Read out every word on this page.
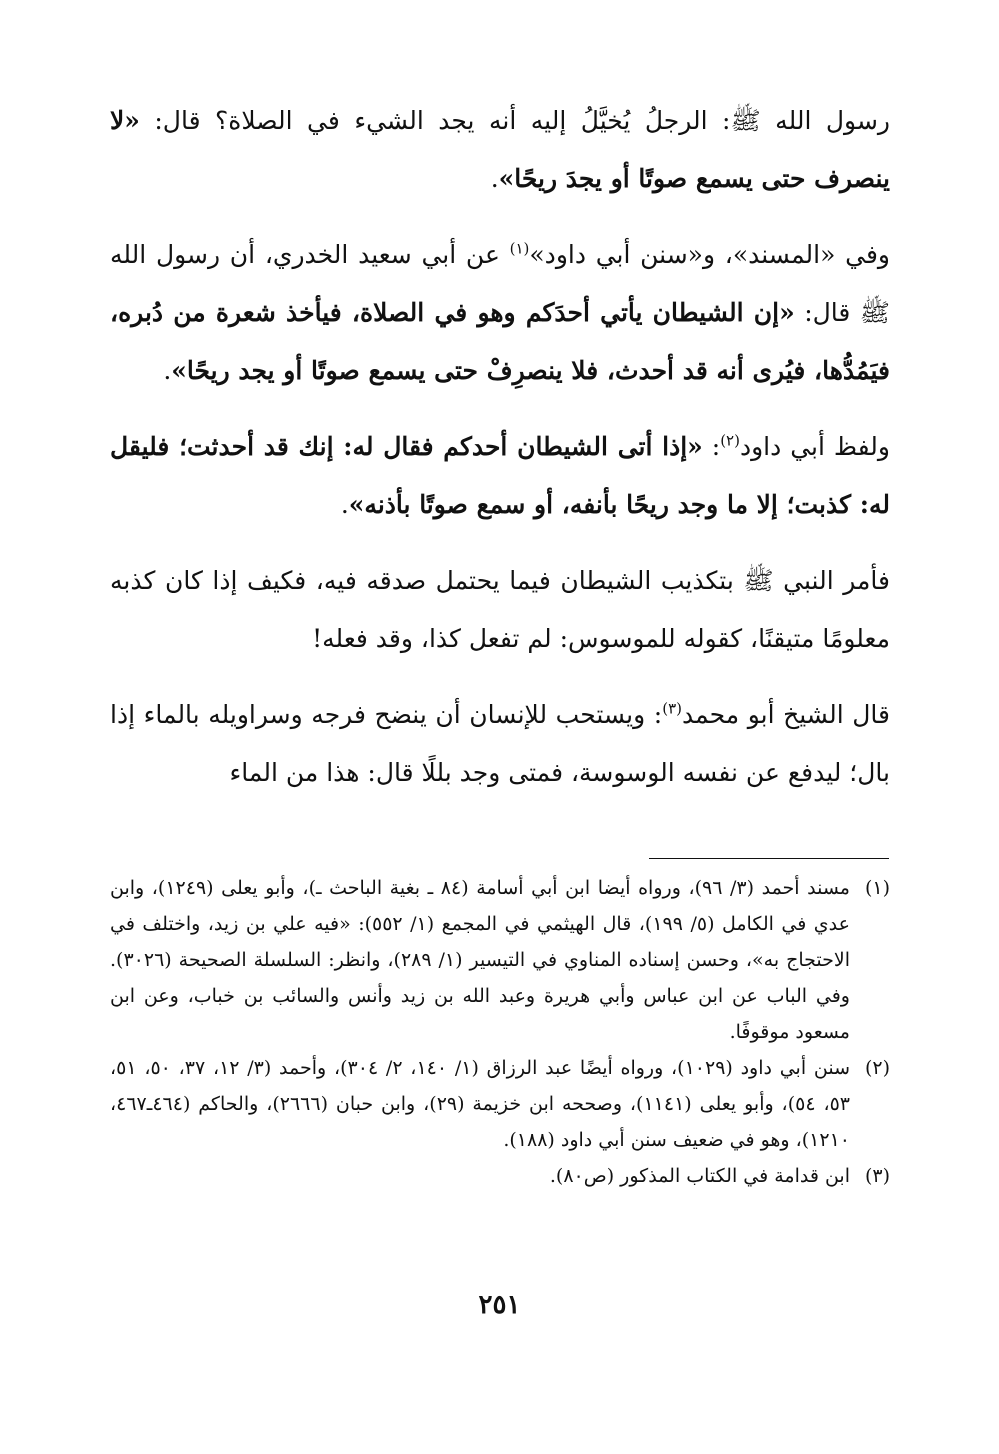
رسول الله ﷺ: الرجلُ يُخيَّلُ إليه أنه يجد الشيء في الصلاة؟ قال: «لا ينصرف حتى يسمع صوتًا أو يجدَ ريحًا».

وفي «المسند»، و«سنن أبي داود»$^{(١)}$ عن أبي سعيد الخدري، أن رسول الله ﷺ قال: «إن الشيطان يأتي أحدَكم وهو في الصلاة، فيأخذ شعرة من دُبره، فيَمُدُّها، فيُرى أنه قد أحدث، فلا ينصرِفْ حتى يسمع صوتًا أو يجد ريحًا».

ولفظ أبي داود$^{(٢)}$: «إذا أتى الشيطان أحدكم فقال له: إنك قد أحدثت؛ فليقل له: كذبت؛ إلا ما وجد ريحًا بأنفه، أو سمع صوتًا بأذنه».

فأمر النبي ﷺ بتكذيب الشيطان فيما يحتمل صدقه فيه، فكيف إذا كان كذبه معلومًا متيقنًا، كقوله للموسوس: لم تفعل كذا، وقد فعله!

قال الشيخ أبو محمد$^{(٣)}$: ويستحب للإنسان أن ينضح فرجه وسراويله بالماء إذا بال؛ ليدفع عن نفسه الوسوسة، فمتى وجد بللًا قال: هذا من الماء

(١)
مسند أحمد (٣/ ٩٦)، ورواه أيضا ابن أبي أسامة (٨٤ ـ بغية الباحث ـ)، وأبو يعلى (١٢٤٩)، وابن عدي في الكامل (٥/ ١٩٩)، قال الهيثمي في المجمع (١/ ٥٥٢): «فيه علي بن زيد، واختلف في الاحتجاج به»، وحسن إسناده المناوي في التيسير (١/ ٢٨٩)، وانظر: السلسلة الصحيحة (٣٠٢٦). وفي الباب عن ابن عباس وأبي هريرة وعبد الله بن زيد وأنس والسائب بن خباب، وعن ابن مسعود موقوفًا.
(٢)
سنن أبي داود (١٠٢٩)، ورواه أيضًا عبد الرزاق (١/ ١٤٠، ٢/ ٣٠٤)، وأحمد (٣/ ١٢، ٣٧، ٥٠، ٥١، ٥٣، ٥٤)، وأبو يعلى (١١٤١)، وصححه ابن خزيمة (٢٩)، وابن حبان (٢٦٦٦)، والحاكم (٤٦٤ـ٤٦٧، ١٢١٠)، وهو في ضعيف سنن أبي داود (١٨٨).
(٣)
ابن قدامة في الكتاب المذكور (ص٨٠).
٢٥١
